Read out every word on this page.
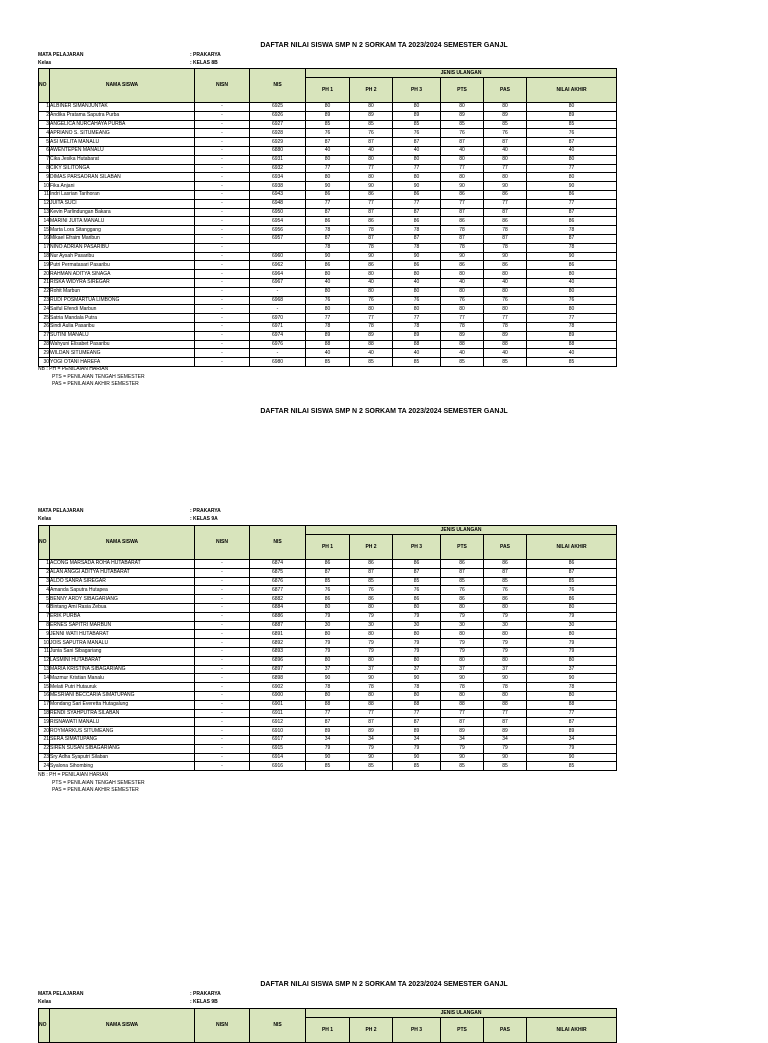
DAFTAR NILAI SISWA SMP N 2 SORKAM TA 2023/2024 SEMESTER GANJL
MATA PELAJARAN	: PRAKARYA
Kelas	: KELAS 8B
NO	NAMA SISWA	NISN	NIS	JENIS ULANGAN					
				PH 1	PH 2	PH 3	PTS	PAS	NILAI AKHIR
1	ALBINER SIMANJUNTAK	-	6925	80	80	80	80	80	80
2	Andika Pratama Saputra Purba	-	6926	89	89	89	89	89	89
3	ANGELICA NURCAHAYA PURBA	-	6927	85	85	85	85	85	85
4	APRIANO S. SITUMEANG	-	6928	76	76	76	76	76	76
5	ASI MELITA MANALU	-	6929	87	87	87	87	87	87
6	AWENTEPEN MANALU	-	6880	40	40	40	40	40	40
7	Cika Jesika Hutabarat	-	6931	80	80	80	80	80	80
8	CIKY SILITONGA	-	6932	77	77	77	77	77	77
9	DIMAS PARSAORAN SILABAN	-	6934	80	80	80	80	80	80
10	Fika Anjani	-	6938	90	90	90	90	90	90
11	Indri Lasrian Tarihoran	-	6943	86	86	86	86	86	86
12	JUITA SUCI	-	6948	77	77	77	77	77	77
13	Kevin Parlindungan Bakara	-	6950	87	87	87	87	87	87
14	MARINI JUITA MANALU	-	6954	86	86	86	86	86	86
15	Marta Lora Sitanggang	-	6956	78	78	78	78	78	78
16	Mikael Efraim Maribun	-	6957	87	87	87	87	87	87
17	NINO ADRIAN PASARIBU	-		78	78	78	78	78	78
18	Nur Aysah Pasaribu	-	6960	90	90	90	90	90	90
19	Putri Permatasari Pasaribu	-	6962	86	86	86	86	86	86
20	RAHMAN ADITYA SINAGA	-	6964	80	80	80	80	80	80
21	RISKA WIDYRA SIREGAR	-	6967	40	40	40	40	40	40
22	Rohit Marbun	-	-	80	80	80	80	80	80
23	RUDI POSMARTUA LIMBONG	-	6968	76	76	76	76	76	76
24	Saiful Efendi Marbun	-	-	80	80	80	80	80	80
25	Satria Mandala Putra	-	6970	77	77	77	77	77	77
26	Sindi Aulia Pasaribu	-	6971	78	78	78	78	78	78
27	SUTINI MANALU	-	6974	89	89	89	89	89	89
28	Wahyuni Elisabet Pasaribu	-	6976	88	88	88	88	88	88
29	WILDAN SITUMEANG	-	-	40	40	40	40	40	40
30	YOGI OTANI HAREFA	-	6980	85	85	85	85	85	85
NB : PH = PENILAIAN HARIAN
PTS = PENILAIAN TENGAH SEMESTER
PAS = PENILAIAN AKHIR SEMESTER
DAFTAR NILAI SISWA SMP N 2 SORKAM TA 2023/2024 SEMESTER GANJL
MATA PELAJARAN	: PRAKARYA
Kelas	: KELAS 9A
NO	NAMA SISWA	NISN	NIS	JENIS ULANGAN					
				PH 1	PH 2	PH 3	PTS	PAS	NILAI AKHIR
1	ACONG MARSADA ROHA HUTABARAT	-	6874	86	86	86	86	86	86
2	ALAN ANGGI ADITYA HUTABARAT	-	6875	87	87	87	87	87	87
3	ALDO SANRA SIREGAR	-	6876	85	85	85	85	85	85
4	Amanda Saputra Hutapea	-	6877	76	76	76	76	76	76
5	BENNY ARDY SIBAGARIANG	-	6882	86	86	86	86	86	86
6	Bintang Ami Rasia Zebua	-	6884	80	80	80	80	80	80
7	ERIK PURBA	-	6886	79	79	79	79	79	79
8	ERNES SAPITRI MARBUN	-	6887	30	30	30	30	30	30
9	JENNI WATI HUTABARAT	-	6891	80	80	80	80	80	80
10	JOIS SAPUTRA MANALU	-	6892	79	79	79	79	79	79
11	Junia Sani Sibagariang	-	6893	79	79	79	79	79	79
12	LASMINI HUTABARAT	-	6896	80	80	80	80	80	80
13	MARIA KRISTINA SIBAGARIANG	-	6897	37	37	37	37	37	37
14	Mazmur Kristian Manalu	-	6898	90	90	90	90	90	90
15	Melati Putri Hutauruk	-	6902	78	78	78	78	78	78
16	MESRIANI BECCARIA SIMATUPANG	-	6900	80	80	80	80	80	80
17	Mondang Sari Everetta Hutagalung	-	6901	88	88	88	88	88	88
18	RENDI SYAHPUTRA SILABAN	-	6911	77	77	77	77	77	77
19	RISNAWATI MANALU	-	6912	87	87	87	87	87	87
20	ROYMARKUS SITUMEANG	-	6910	89	89	89	89	89	89
21	SERA SIMATUPANG	-	6917	34	34	34	34	34	34
22	SIREN SUSAN SIBAGARIANG	-	6915	79	79	79	79	79	79
23	Sry Adha Syaputri Silaban	-	6914	90	90	90	90	90	90
24	Syalona Sihombing	-	6916	85	85	85	85	85	85
NB : PH = PENILAIAN HARIAN
PTS = PENILAIAN TENGAH SEMESTER
PAS = PENILAIAN AKHIR SEMESTER
DAFTAR NILAI SISWA SMP N 2 SORKAM TA 2023/2024 SEMESTER GANJL
MATA PELAJARAN	: PRAKARYA
Kelas	: KELAS 9B
NO	NAMA SISWA	NISN	NIS	JENIS ULANGAN					
				PH 1	PH 2	PH 3	PTS	PAS	NILAI AKHIR
